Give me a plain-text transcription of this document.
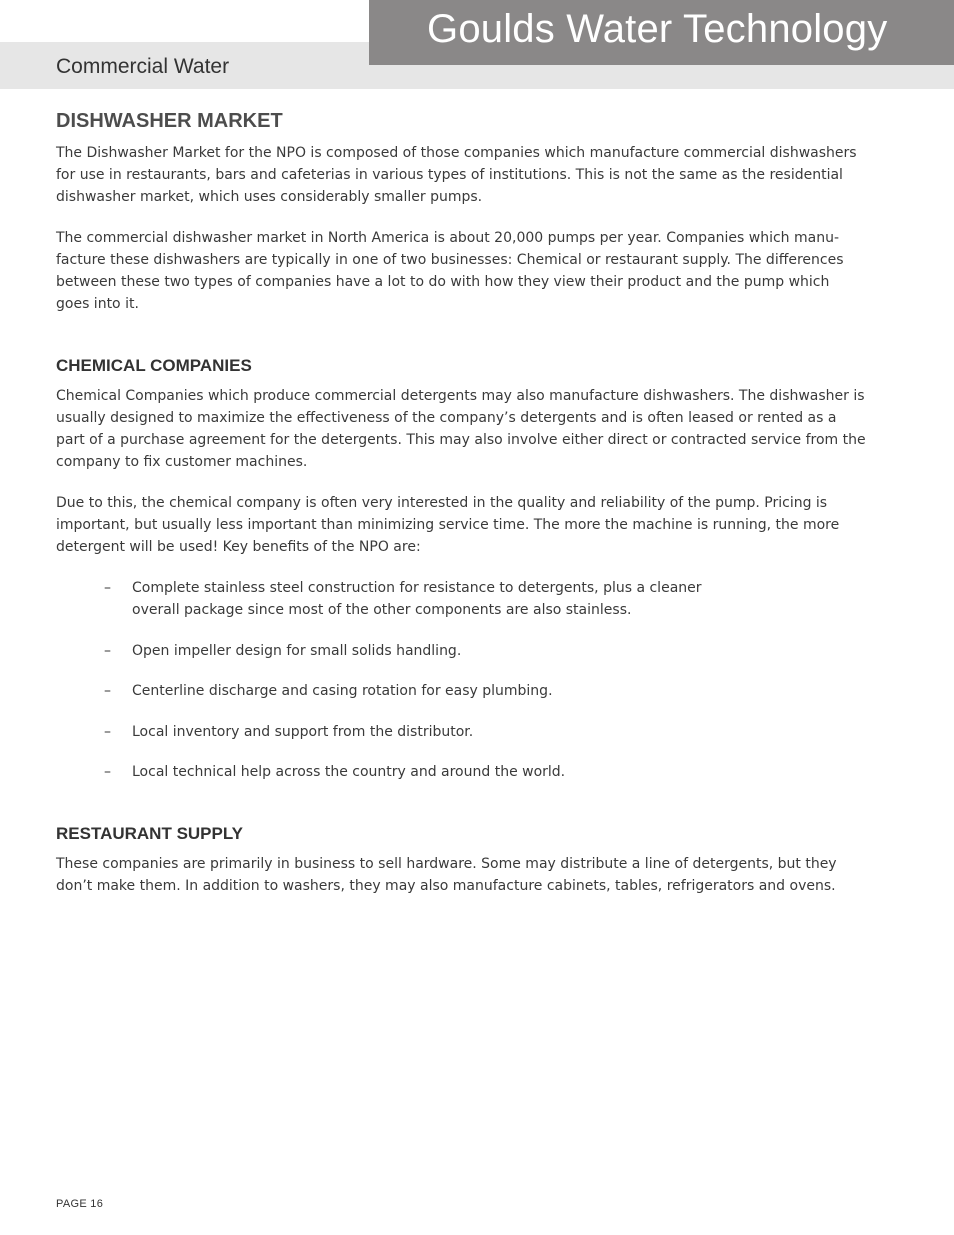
Commercial Water

Goulds Water Technology
DISHWASHER MARKET

The Dishwasher Market for the NPO is composed of those companies which manufacture commercial dishwashers for use in restaurants, bars and cafeterias in various types of institutions. This is not the same as the residential dishwasher market, which uses considerably smaller pumps.

The commercial dishwasher market in North America is about 20,000 pumps per year. Companies which manufacture these dishwashers are typically in one of two businesses: Chemical or restaurant supply. The differences between these two types of companies have a lot to do with how they view their product and the pump which goes into it.

CHEMICAL COMPANIES

Chemical Companies which produce commercial detergents may also manufacture dishwashers. The dishwasher is usually designed to maximize the effectiveness of the company’s detergents and is often leased or rented as a part of a purchase agreement for the detergents. This may also involve either direct or contracted service from the company to fix customer machines.

Due to this, the chemical company is often very interested in the quality and reliability of the pump. Pricing is important, but usually less important than minimizing service time. The more the machine is running, the more detergent will be used! Key benefits of the NPO are:

– Complete stainless steel construction for resistance to detergents, plus a cleaner overall package since most of the other components are also stainless.
– Open impeller design for small solids handling.
– Centerline discharge and casing rotation for easy plumbing.
– Local inventory and support from the distributor.
– Local technical help across the country and around the world.
RESTAURANT SUPPLY

These companies are primarily in business to sell hardware. Some may distribute a line of detergents, but they don’t make them. In addition to washers, they may also manufacture cabinets, tables, refrigerators and ovens.

PAGE 16
